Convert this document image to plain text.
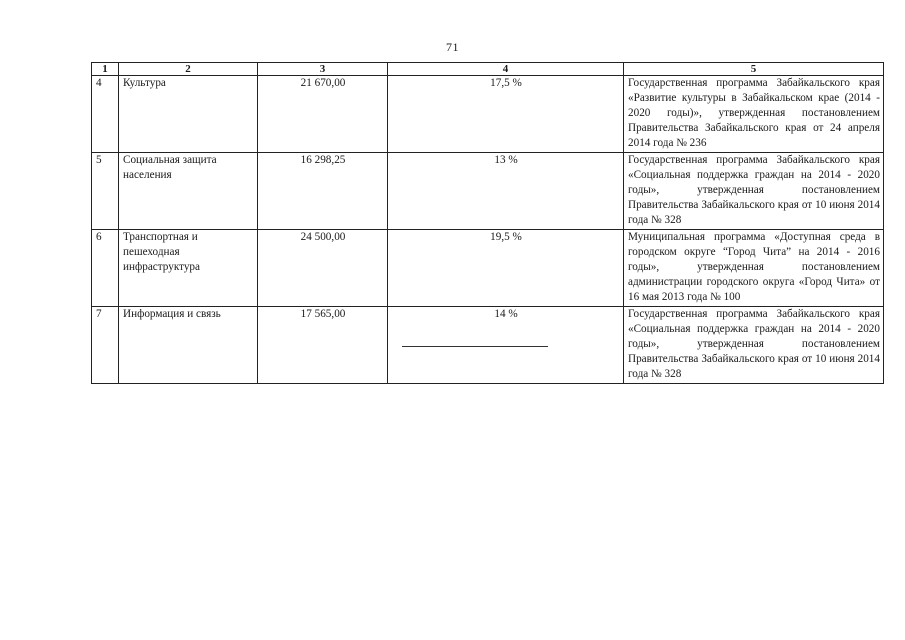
71
1	2	3	4	5
4	Культура	21 670,00	17,5 %	Государственная программа Забайкальского края «Развитие культуры в Забайкальском крае (2014 - 2020 годы)», утвержденная постановлением Правительства Забайкальского края от 24 апреля 2014 года № 236
5	Социальная защита населения	16 298,25	13 %	Государственная программа Забайкальского края «Социальная поддержка граждан на 2014 - 2020 годы», утвержденная постановлением Правительства Забайкальского края от 10 июня 2014 года № 328
6	Транспортная и пешеходная инфраструктура	24 500,00	19,5 %	Муниципальная программа «Доступная среда в городском округе “Город Чита” на 2014 - 2016 годы», утвержденная постановлением администрации городского округа «Город Чита» от 16 мая 2013 года № 100
7	Информация и связь	17 565,00	14 %	Государственная программа Забайкальского края «Социальная поддержка граждан на 2014 - 2020 годы», утвержденная постановлением Правительства Забайкальского края от 10 июня 2014 года № 328
